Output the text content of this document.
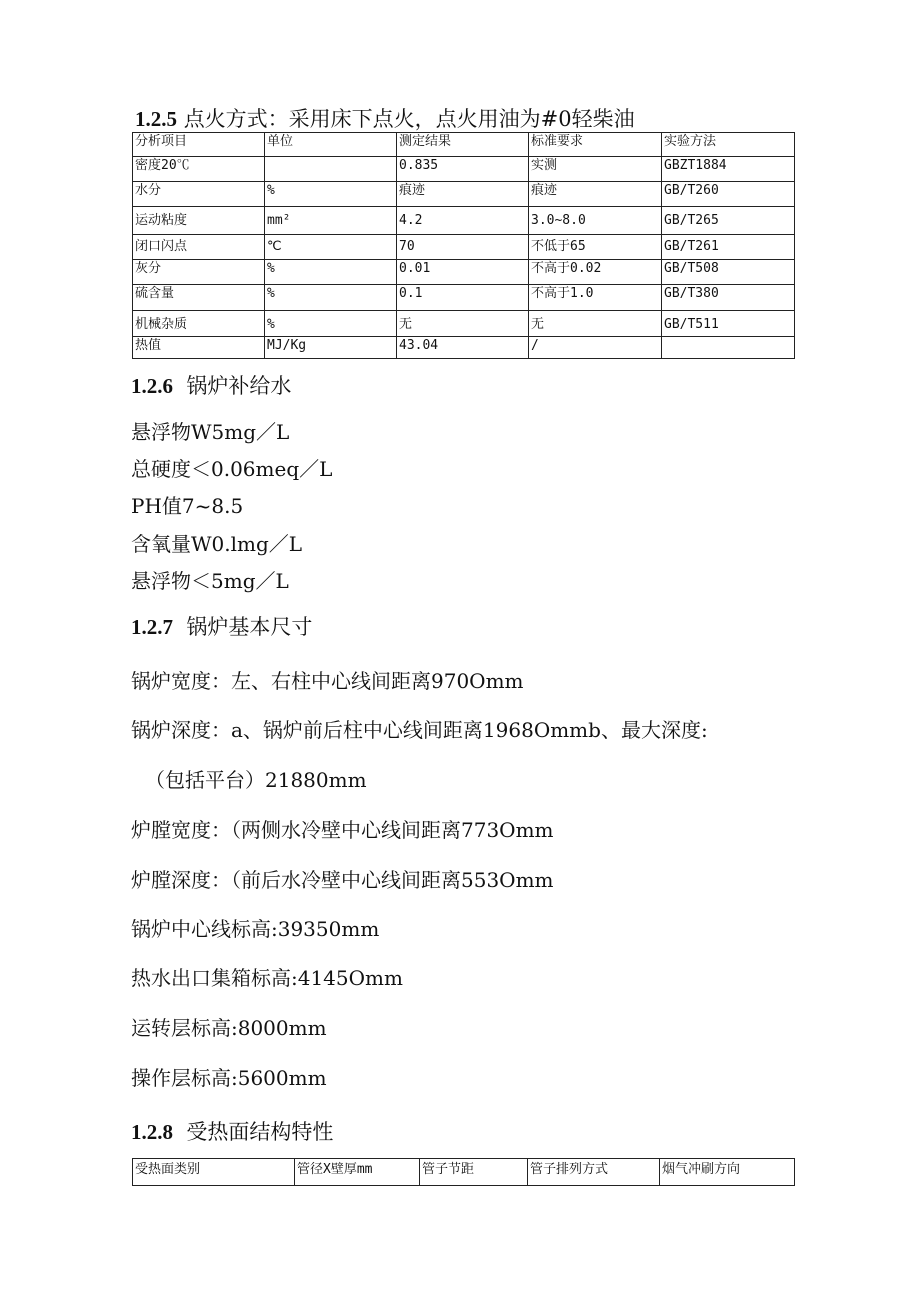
1.2.5 点火方式：采用床下点火，点火用油为#0轻柴油
分析项目	单位	测定结果	标准要求	实验方法
密度20℃		0.835	实测	GBZT1884
水分	%	痕迹	痕迹	GB/T260
运动粘度	mm²	4.2	3.0~8.0	GB/T265
闭口闪点	℃	70	不低于65	GB/T261
灰分	%	0.01	不高于0.02	GB/T508
硫含量	%	0.1	不高于1.0	GB/T380
机械杂质	%	无	无	GB/T511
热值	MJ/Kg	43.04	/	
1.2.6 锅炉补给水
悬浮物W5mg／L
总硬度＜0.06meq／L
PH值7~8.5
含氧量W0.lmg／L
悬浮物＜5mg／L
1.2.7 锅炉基本尺寸
锅炉宽度：左、右柱中心线间距离970Omm
锅炉深度：a、锅炉前后柱中心线间距离1968Ommb、最大深度:
（包括平台）21880mm
炉膛宽度：（两侧水冷壁中心线间距离773Omm
炉膛深度：（前后水冷壁中心线间距离553Omm
锅炉中心线标高:39350mm
热水出口集箱标高:4145Omm
运转层标高:8000mm
操作层标高:5600mm
1.2.8 受热面结构特性
受热面类别	管径X壁厚mm	管子节距	管子排列方式	烟气冲刷方向
